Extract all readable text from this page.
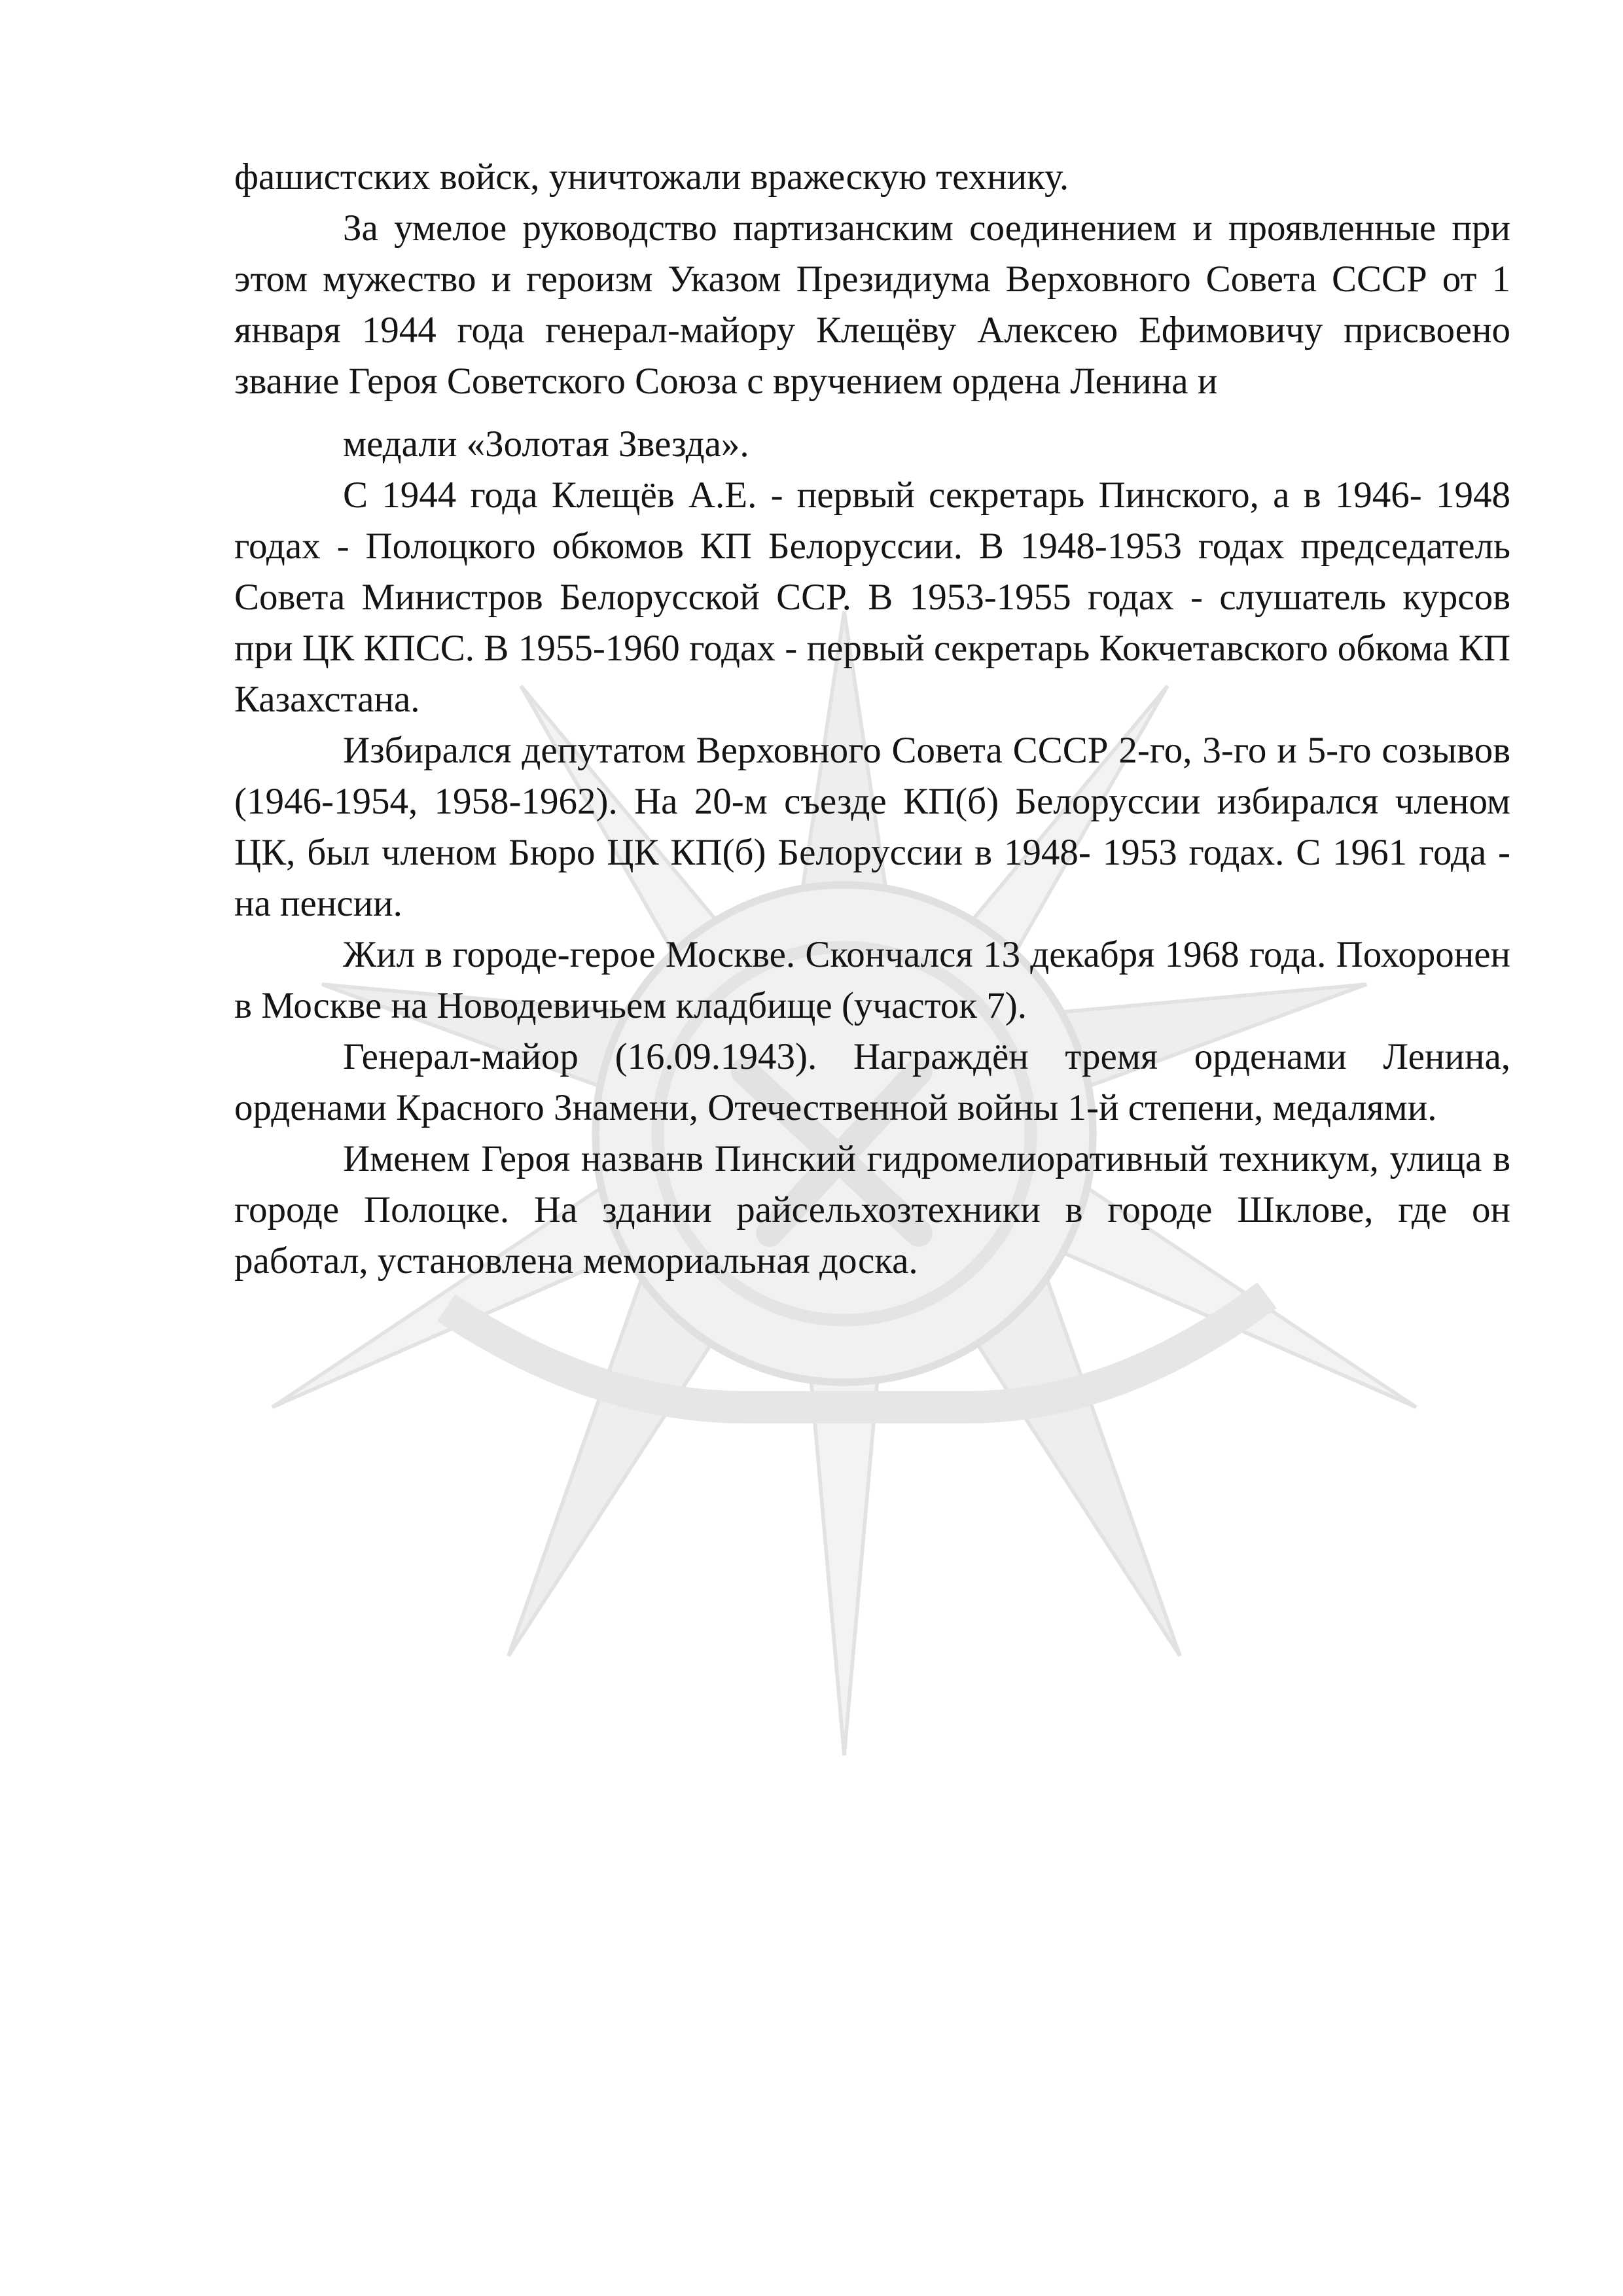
фашистских войск, уничтожали вражескую технику.

За умелое руководство партизанским соединением и проявленные при этом мужество и героизм Указом Президиума Верховного Совета СССР от 1 января 1944 года генерал-майору Клещёву Алексею Ефимовичу присвоено звание Героя Советского Союза с вручением ордена Ленина и

медали «Золотая Звезда».

С 1944 года Клещёв А.Е. - первый секретарь Пинского, а в 1946- 1948 годах - Полоцкого обкомов КП Белоруссии. В 1948-1953 годах председатель Совета Министров Белорусской ССР. В 1953-1955 годах - слушатель курсов при ЦК КПСС. В 1955-1960 годах - первый секретарь Кокчетавского обкома КП Казахстана.

Избирался депутатом Верховного Совета СССР 2-го, 3-го и 5-го созывов (1946-1954, 1958-1962). На 20-м съезде КП(б) Белоруссии избирался членом ЦК, был членом Бюро ЦК КП(б) Белоруссии в 1948- 1953 годах. С 1961 года - на пенсии.

Жил в городе-герое Москве. Скончался 13 декабря 1968 года. Похоронен в Москве на Новодевичьем кладбище (участок 7).

Генерал-майор (16.09.1943). Награждён тремя орденами Ленина, орденами Красного Знамени, Отечественной войны 1-й степени, медалями.

Именем Героя названв Пинский гидромелиоративный техникум, улица в городе Полоцке. На здании райсельхозтехники в городе Шклове, где он работал, установлена мемориальная доска.
